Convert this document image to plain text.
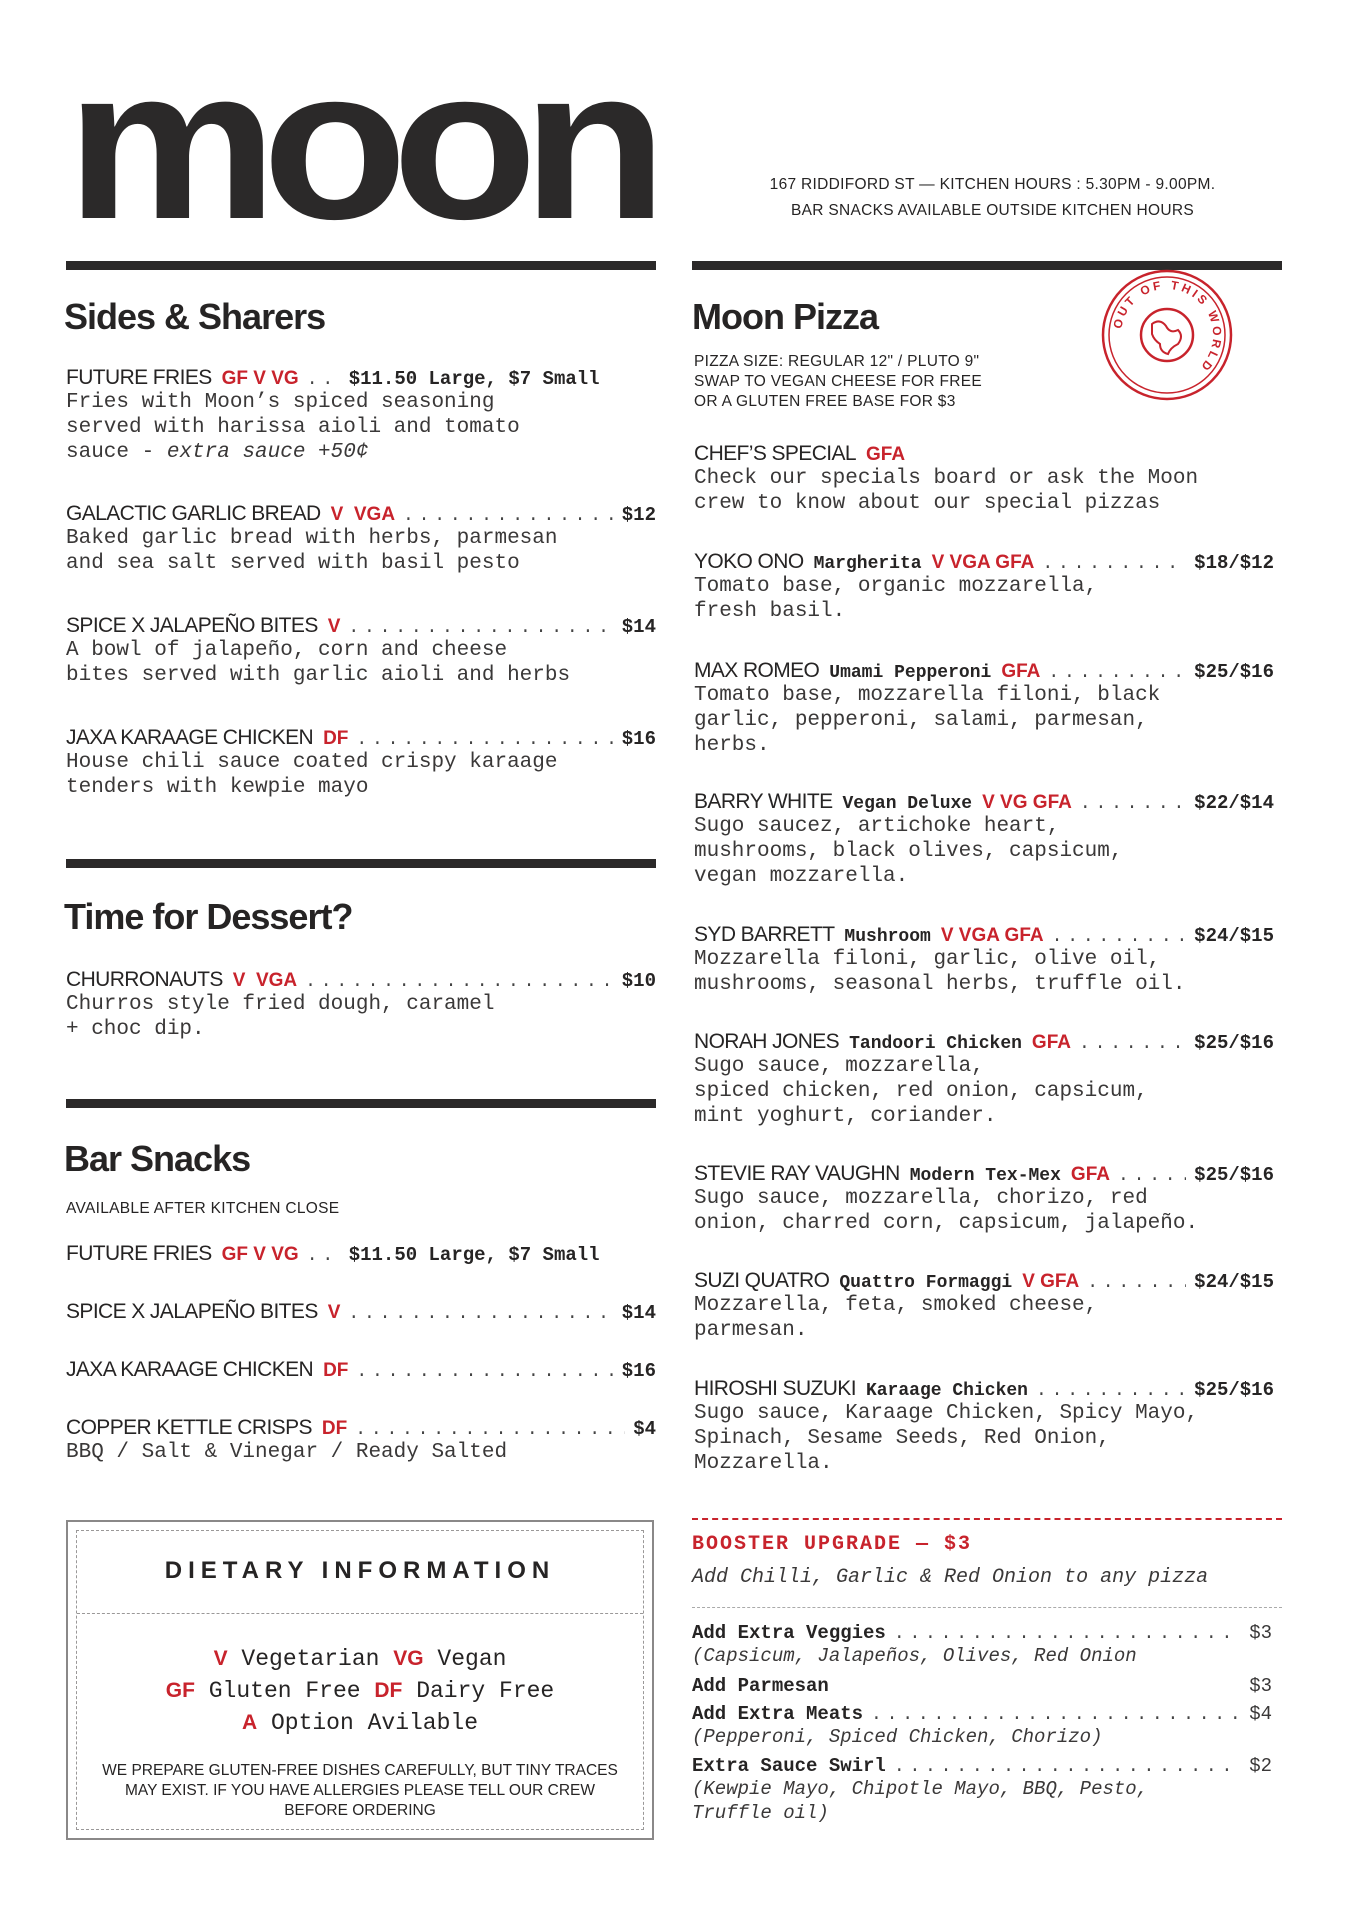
moon	167 RIDDIFORD ST — KITCHEN HOURS : 5.30PM - 9.00PM.
BAR SNACKS AVAILABLE OUTSIDE KITCHEN HOURS
Sides & Sharers
FUTURE FRIES GF V VG . . .	$11.50 Large, $7 Small
Fries with Moon’s spiced seasoning
served with harissa aioli and tomato
sauce - extra sauce +50¢
GALACTIC GARLIC BREAD V  VGA . . .	$12
Baked garlic bread with herbs, parmesan
and sea salt served with basil pesto
SPICE X JALAPEÑO BITES V . . .	$14
A bowl of jalapeño, corn and cheese
bites served with garlic aioli and herbs
JAXA KARAAGE CHICKEN DF . . .	$16
House chili sauce coated crispy karaage
tenders with kewpie mayo
Time for Dessert?
CHURRONAUTS V  VGA . . .	$10
Churros style fried dough, caramel
+ choc dip.
Bar Snacks
AVAILABLE AFTER KITCHEN CLOSE
FUTURE FRIES GF V VG . . .	$11.50 Large, $7 Small
SPICE X JALAPEÑO BITES V . . .	$14
JAXA KARAAGE CHICKEN DF . . .	$16
COPPER KETTLE CRISPS DF . . .	$4
BBQ / Salt & Vinegar / Ready Salted
DIETARY INFORMATION
V Vegetarian VG Vegan
GF Gluten Free DF Dairy Free
A Option Avilable
WE PREPARE GLUTEN-FREE DISHES CAREFULLY, BUT TINY TRACES MAY EXIST. IF YOU HAVE ALLERGIES PLEASE TELL OUR CREW BEFORE ORDERING
Moon Pizza
PIZZA SIZE: REGULAR 12" / PLUTO 9"
SWAP TO VEGAN CHEESE FOR FREE
OR A GLUTEN FREE BASE FOR $3
OUT OF THIS WORLD
CHEF’S SPECIAL GFA
Check our specials board or ask the Moon
crew to know about our special pizzas
YOKO ONO Margherita V VGA GFA . . .	$18/$12
Tomato base, organic mozzarella,
fresh basil.
MAX ROMEO Umami Pepperoni GFA . . .	$25/$16
Tomato base, mozzarella filoni, black
garlic, pepperoni, salami, parmesan,
herbs.
BARRY WHITE Vegan Deluxe V VG GFA . . .	$22/$14
Sugo saucez, artichoke heart,
mushrooms, black olives, capsicum,
vegan mozzarella.
SYD BARRETT Mushroom V VGA GFA . . .	$24/$15
Mozzarella filoni, garlic, olive oil,
mushrooms, seasonal herbs, truffle oil.
NORAH JONES Tandoori Chicken GFA . . .	$25/$16
Sugo sauce, mozzarella,
spiced chicken, red onion, capsicum,
mint yoghurt, coriander.
STEVIE RAY VAUGHN Modern Tex-Mex GFA . . .	$25/$16
Sugo sauce, mozzarella, chorizo, red
onion, charred corn, capsicum, jalapeño.
SUZI QUATRO Quattro Formaggi V GFA . . .	$24/$15
Mozzarella, feta, smoked cheese,
parmesan.
HIROSHI SUZUKI Karaage Chicken . . .	$25/$16
Sugo sauce, Karaage Chicken, Spicy Mayo,
Spinach, Sesame Seeds, Red Onion,
Mozzarella.
BOOSTER UPGRADE — $3
Add Chilli, Garlic & Red Onion to any pizza
Add Extra Veggies . . .	$3
(Capsicum, Jalapeños, Olives, Red Onion
Add Parmesan	$3
Add Extra Meats . . .	$4
(Pepperoni, Spiced Chicken, Chorizo)
Extra Sauce Swirl . . .	$2
(Kewpie Mayo, Chipotle Mayo, BBQ, Pesto,
Truffle oil)
